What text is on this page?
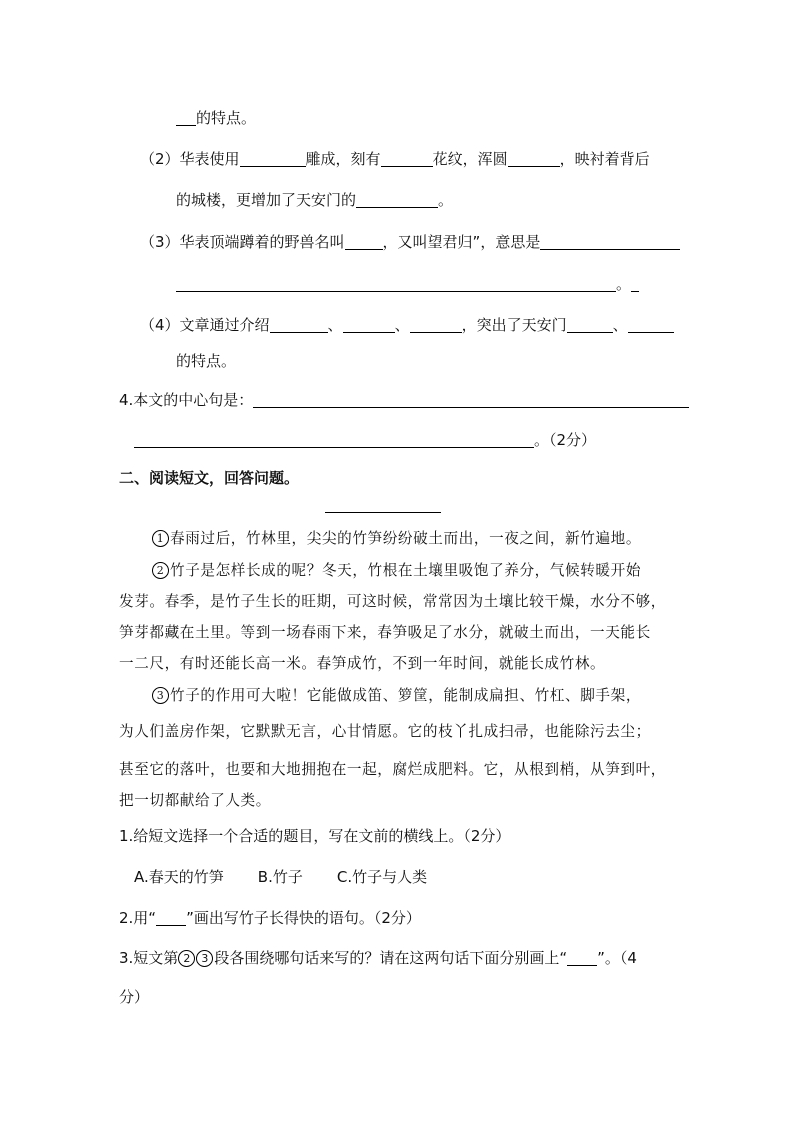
的特点。
（2）华表使用	雕成，刻有	花纹，浑圆	，映衬着背后
的城楼，更增加了天安门的	。
（3）华表顶端蹲着的野兽名叫	，又叫望君归”，意思是
。
（4）文章通过介绍	、	、	，突出了天安门	、
的特点。
4.本文的中心句是：
。（2分）
二、阅读短文，回答问题。
1 春雨过后，竹林里，尖尖的竹笋纷纷破土而出，一夜之间，新竹遍地。
2 竹子是怎样长成的呢？冬天，竹根在土壤里吸饱了养分，气候转暖开始
发芽。春季，是竹子生长的旺期，可这时候，常常因为土壤比较干燥，水分不够，
笋芽都藏在土里。等到一场春雨下来，春笋吸足了水分，就破土而出，一天能长
一二尺，有时还能长高一米。春笋成竹，不到一年时间，就能长成竹林。
3 竹子的作用可大啦！它能做成笛、箩筐，能制成扁担、竹杠、脚手架，
为人们盖房作架，它默默无言，心甘情愿。它的枝丫扎成扫帚，也能除污去尘；
甚至它的落叶，也要和大地拥抱在一起，腐烂成肥料。它，从根到梢，从笋到叶，
把一切都献给了人类。
1.给短文选择一个合适的题目，写在文前的横线上。（2分）
A.春天的竹笋 B.竹子 C.竹子与人类
2.用“ ”画出写竹子长得快的语句。（2分）
3.短文第 2 3 段各围绕哪句话来写的？请在这两句话下面分别画上“ ”。（4
分）
